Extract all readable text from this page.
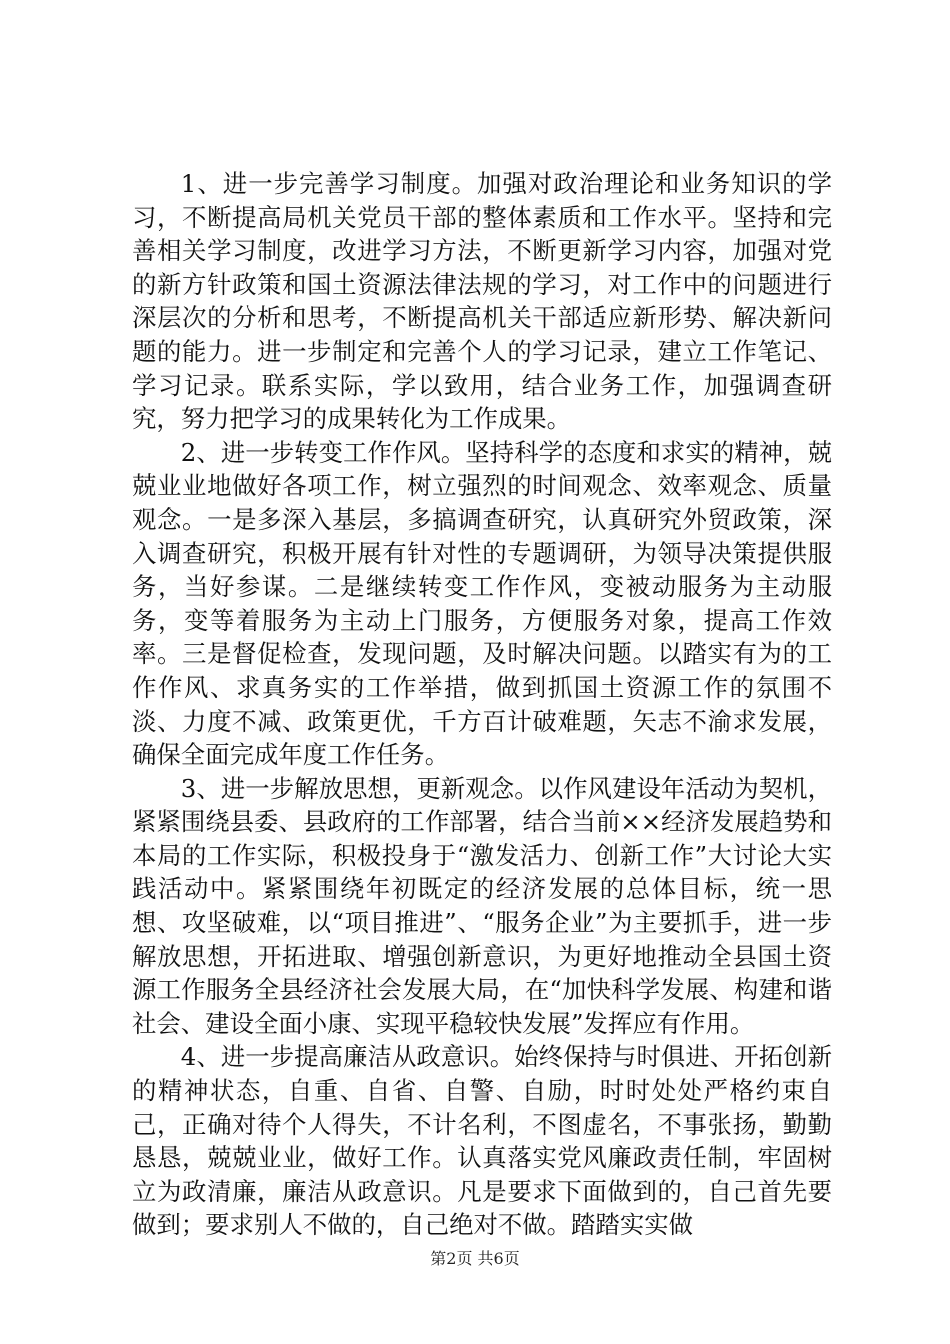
1、进一步完善学习制度。加强对政治理论和业务知识的学习，不断提高局机关党员干部的整体素质和工作水平。坚持和完善相关学习制度，改进学习方法，不断更新学习内容，加强对党的新方针政策和国土资源法律法规的学习，对工作中的问题进行深层次的分析和思考，不断提高机关干部适应新形势、解决新问题的能力。进一步制定和完善个人的学习记录，建立工作笔记、学习记录。联系实际，学以致用，结合业务工作，加强调查研究，努力把学习的成果转化为工作成果。

2、进一步转变工作作风。坚持科学的态度和求实的精神，兢兢业业地做好各项工作，树立强烈的时间观念、效率观念、质量观念。一是多深入基层，多搞调查研究，认真研究外贸政策，深入调查研究，积极开展有针对性的专题调研，为领导决策提供服务，当好参谋。二是继续转变工作作风，变被动服务为主动服务，变等着服务为主动上门服务，方便服务对象，提高工作效率。三是督促检查，发现问题，及时解决问题。以踏实有为的工作作风、求真务实的工作举措，做到抓国土资源工作的氛围不淡、力度不减、政策更优，千方百计破难题，矢志不渝求发展，确保全面完成年度工作任务。

3、进一步解放思想，更新观念。以作风建设年活动为契机，紧紧围绕县委、县政府的工作部署，结合当前××经济发展趋势和本局的工作实际，积极投身于“激发活力、创新工作”大讨论大实践活动中。紧紧围绕年初既定的经济发展的总体目标，统一思想、攻坚破难，以“项目推进”、“服务企业”为主要抓手，进一步解放思想，开拓进取、增强创新意识，为更好地推动全县国土资源工作服务全县经济社会发展大局，在“加快科学发展、构建和谐社会、建设全面小康、实现平稳较快发展”发挥应有作用。

4、进一步提高廉洁从政意识。始终保持与时俱进、开拓创新的精神状态，自重、自省、自警、自励，时时处处严格约束自己，正确对待个人得失，不计名利，不图虚名，不事张扬，勤勤恳恳，兢兢业业，做好工作。认真落实党风廉政责任制，牢固树立为政清廉，廉洁从政意识。凡是要求下面做到的，自己首先要做到；要求别人不做的，自己绝对不做。踏踏实实做

第2页 共6页
